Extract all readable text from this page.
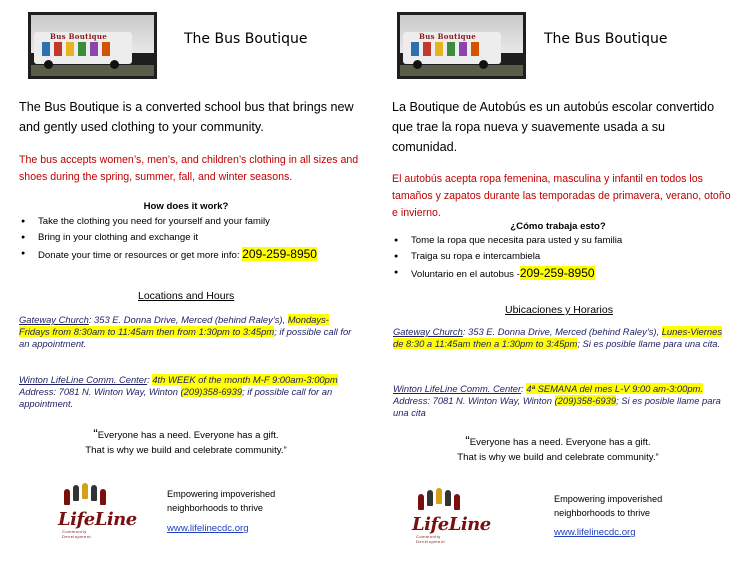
Bus Boutique	The Bus Boutique
The Bus Boutique is a converted school bus that brings new and gently used clothing to your community.
The bus accepts women’s, men’s, and children’s clothing in all sizes and shoes during the spring, summer, fall, and winter seasons.
How does it work?
● Take the clothing you need for yourself and your family
● Bring in your clothing and exchange it
● Donate your time or resources or get more info: 209-259-8950
Locations and Hours
Gateway Church: 353 E. Donna Drive, Merced (behind Raley’s), Mondays-Fridays from 8:30am to 11:45am then from 1:30pm to 3:45pm; if possible call for an appointment.
Winton LifeLine Comm. Center: 4th WEEK of the month M-F 9:00am-3:00pm
Address: 7081 N. Winton Way, Winton (209)358-6939; if possible call for an appointment.
“Everyone has a need. Everyone has a gift.
That is why we build and celebrate community.”
LifeLine
Community Development
Empowering impoverished neighborhoods to thrive
www.lifelinecdc.org
Bus Boutique	The Bus Boutique
La Boutique de Autobús es un autobús escolar convertido que trae la ropa nueva y suavemente usada a su comunidad.
El autobús acepta ropa femenina, masculina y infantil en todos los tamaños y zapatos durante las temporadas de primavera, verano, otoño e invierno.
¿Cómo trabaja esto?
● Tome la ropa que necesita para usted y su familia
● Traiga su ropa e intercambiela
● Voluntario en el autobus -209-259-8950
Ubicaciones y Horarios
Gateway Church: 353 E. Donna Drive, Merced (behind Raley’s), Lunes-Viernes de 8:30 a 11:45am then a 1:30pm to 3:45pm; Si es posible llame para una cita.
Winton LifeLine Comm. Center: 4ª SEMANA del mes L-V 9:00 am-3:00pm.
Address: 7081 N. Winton Way, Winton (209)358-6939; Si es posible llame para una cita
“Everyone has a need. Everyone has a gift.
That is why we build and celebrate community.”
LifeLine
Community Development
Empowering impoverished neighborhoods to thrive
www.lifelinecdc.org
